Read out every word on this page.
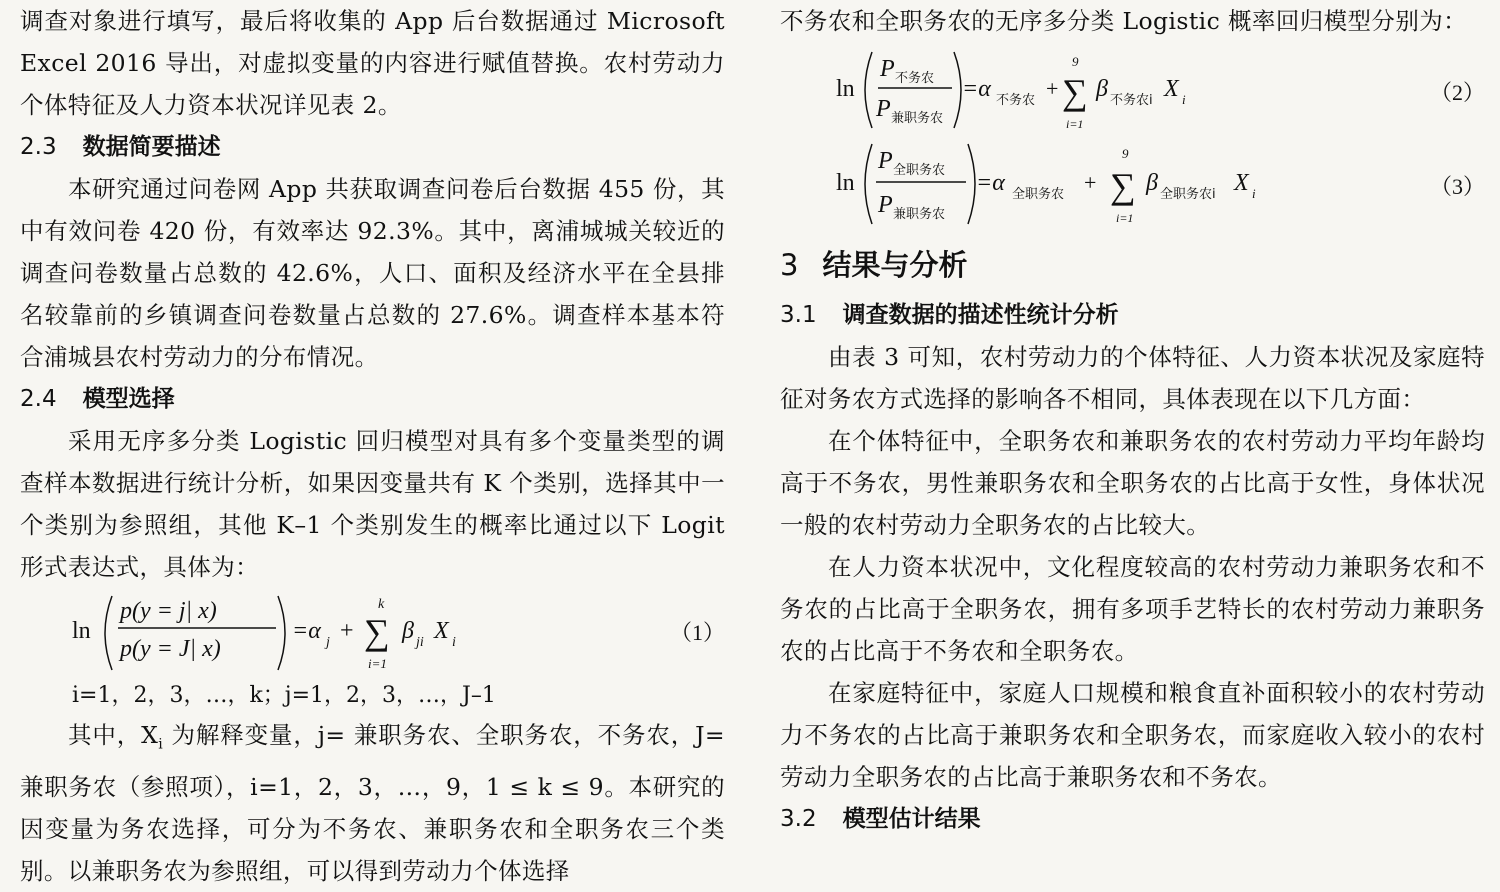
调查对象进行填写，最后将收集的 App 后台数据通过 Microsoft Excel 2016 导出，对虚拟变量的内容进行赋值替换。农村劳动力个体特征及人力资本状况详见表 2。

2.3 数据简要描述

本研究通过问卷网 App 共获取调查问卷后台数据 455 份，其中有效问卷 420 份，有效率达 92.3%。其中，离浦城城关较近的调查问卷数量占总数的 42.6%，人口、面积及经济水平在全县排名较靠前的乡镇调查问卷数量占总数的 27.6%。调查样本基本符合浦城县农村劳动力的分布情况。

2.4 模型选择

采用无序多分类 Logistic 回归模型对具有多个变量类型的调查样本数据进行统计分析，如果因变量共有 K 个类别，选择其中一个类别为参照组，其他 K–1 个类别发生的概率比通过以下 Logit 形式表达式，具体为：

ln
p(y = j| x)
p(y = J| x)
=α j +
k
∑
i=1
β ji X i	（1）

i=1，2，3，…，k；j=1，2，3，…，J–1

其中，$X_i$ 为解释变量，j= 兼职务农、全职务农，不务农，J= 兼职务农（参照项），i=1，2，3，…，9，1 ≤ k ≤ 9。本研究的因变量为务农选择，可分为不务农、兼职务农和全职务农三个类别。以兼职务农为参照组，可以得到劳动力个体选择

不务农和全职务农的无序多分类 Logistic 概率回归模型分别为：

ln
P 不务农
P 兼职务农
=α 不务农 +
9
∑
i=1
β 不务农i X i	（2）
ln
P 全职务农
P 兼职务农
=α 全职务农 +
9
∑
i=1
β 全职务农i X i	（3）
3 结果与分析
3.1 调查数据的描述性统计分析

由表 3 可知，农村劳动力的个体特征、人力资本状况及家庭特征对务农方式选择的影响各不相同，具体表现在以下几方面：

在个体特征中，全职务农和兼职务农的农村劳动力平均年龄均高于不务农，男性兼职务农和全职务农的占比高于女性，身体状况一般的农村劳动力全职务农的占比较大。

在人力资本状况中，文化程度较高的农村劳动力兼职务农和不务农的占比高于全职务农，拥有多项手艺特长的农村劳动力兼职务农的占比高于不务农和全职务农。

在家庭特征中，家庭人口规模和粮食直补面积较小的农村劳动力不务农的占比高于兼职务农和全职务农，而家庭收入较小的农村劳动力全职务农的占比高于兼职务农和不务农。

3.2 模型估计结果
